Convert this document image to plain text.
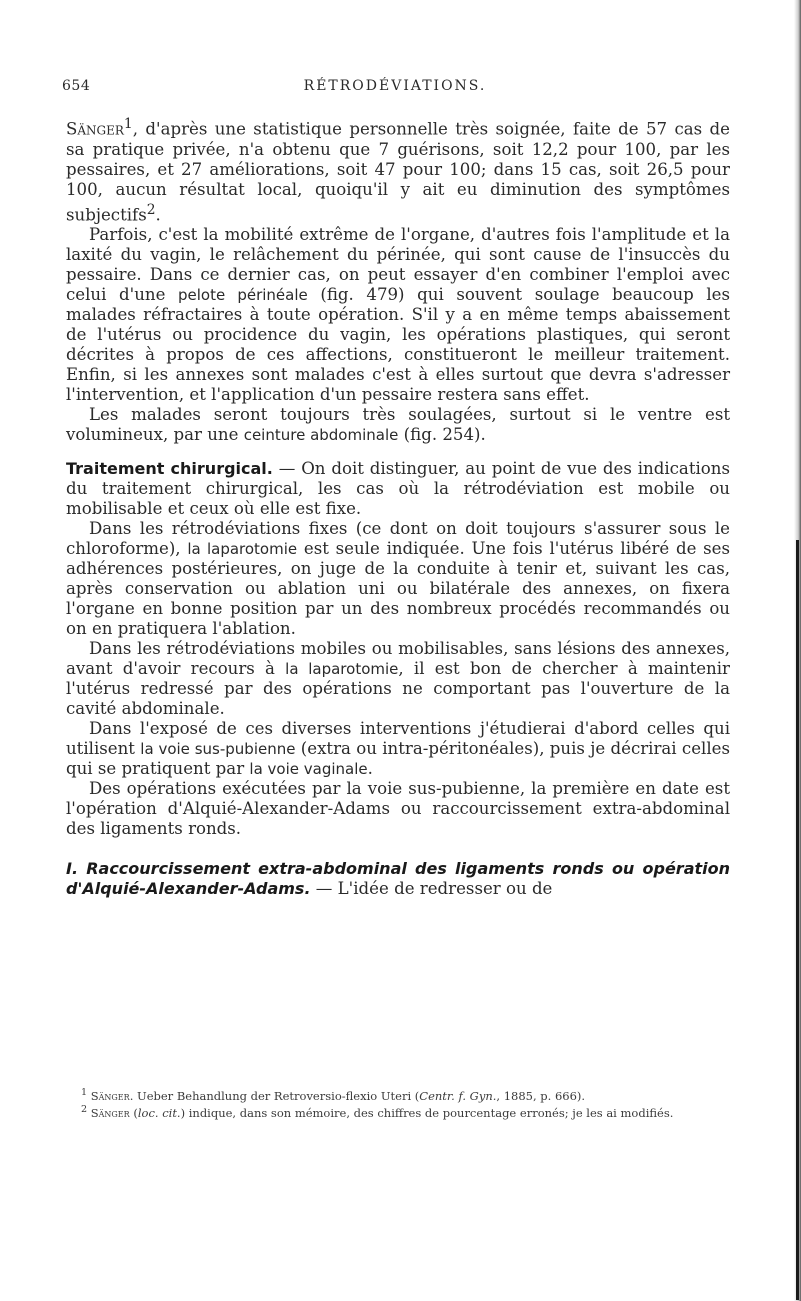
654	RÉTRODÉVIATIONS.

Sänger$^1$, d'après une statistique personnelle très soignée, faite de 57 cas de sa pratique privée, n'a obtenu que 7 guérisons, soit 12,2 pour 100, par les pessaires, et 27 améliorations, soit 47 pour 100; dans 15 cas, soit 26,5 pour 100, aucun résultat local, quoiqu'il y ait eu diminution des symptômes subjectifs$^2$.

Parfois, c'est la mobilité extrême de l'organe, d'autres fois l'amplitude et la laxité du vagin, le relâchement du périnée, qui sont cause de l'insuccès du pessaire. Dans ce dernier cas, on peut essayer d'en combiner l'emploi avec celui d'une pelote périnéale (fig. 479) qui souvent soulage beaucoup les malades réfractaires à toute opération. S'il y a en même temps abaissement de l'utérus ou procidence du vagin, les opérations plastiques, qui seront décrites à propos de ces affections, constitueront le meilleur traitement. Enfin, si les annexes sont malades c'est à elles surtout que devra s'adresser l'intervention, et l'application d'un pessaire restera sans effet.

Les malades seront toujours très soulagées, surtout si le ventre est volumineux, par une ceinture abdominale (fig. 254).

Traitement chirurgical. — On doit distinguer, au point de vue des indications du traitement chirurgical, les cas où la rétrodéviation est mobile ou mobilisable et ceux où elle est fixe.

Dans les rétrodéviations fixes (ce dont on doit toujours s'assurer sous le chloroforme), la laparotomie est seule indiquée. Une fois l'utérus libéré de ses adhérences postérieures, on juge de la conduite à tenir et, suivant les cas, après conservation ou ablation uni ou bilatérale des annexes, on fixera l'organe en bonne position par un des nombreux procédés recommandés ou on en pratiquera l'ablation.

Dans les rétrodéviations mobiles ou mobilisables, sans lésions des annexes, avant d'avoir recours à la laparotomie, il est bon de chercher à maintenir l'utérus redressé par des opérations ne comportant pas l'ouverture de la cavité abdominale.

Dans l'exposé de ces diverses interventions j'étudierai d'abord celles qui utilisent la voie sus-pubienne (extra ou intra-péritonéales), puis je décrirai celles qui se pratiquent par la voie vaginale.

Des opérations exécutées par la voie sus-pubienne, la première en date est l'opération d'Alquié-Alexander-Adams ou raccourcissement extra-abdominal des ligaments ronds.

I. Raccourcissement extra-abdominal des ligaments ronds ou opération d'Alquié-Alexander-Adams. — L'idée de redresser ou de

$^1$ Sänger. Ueber Behandlung der Retroversio-flexio Uteri (Centr. f. Gyn., 1885, p. 666).

$^2$ Sänger (loc. cit.) indique, dans son mémoire, des chiffres de pourcentage erronés; je les ai modifiés.
